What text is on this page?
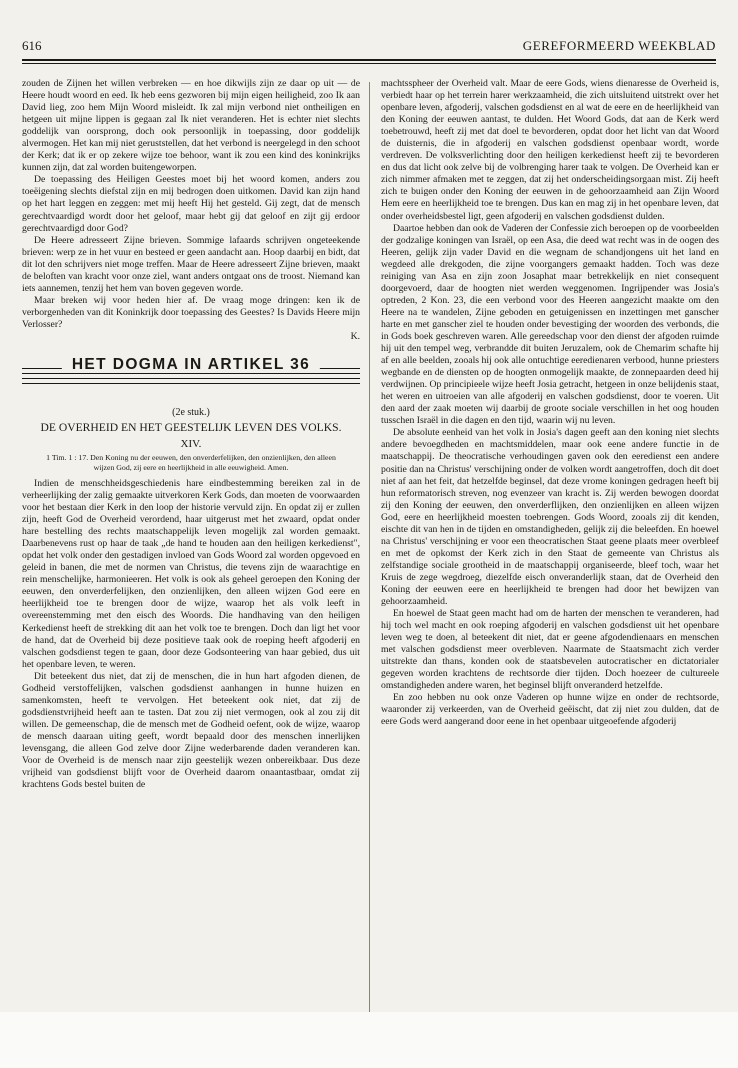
616	GEREFORMEERD WEEKBLAD

zouden de Zijnen het willen verbreken — en hoe dikwijls zijn ze daar op uit — de Heere houdt woord en eed. Ik heb eens gezworen bij mijn eigen heiligheid, zoo Ik aan David lieg, zoo hem Mijn Woord misleidt. Ik zal mijn verbond niet ontheiligen en hetgeen uit mijne lippen is gegaan zal Ik niet veranderen. Het is echter niet slechts goddelijk van oorsprong, doch ook persoonlijk in toepassing, door goddelijk alvermogen. Het kan mij niet geruststellen, dat het verbond is neergelegd in den schoot der Kerk; dat ik er op zekere wijze toe behoor, want ik zou een kind des koninkrijks kunnen zijn, dat zal worden buitengeworpen.

De toepassing des Heiligen Geestes moet bij het woord komen, anders zou toeëigening slechts diefstal zijn en mij bedrogen doen uitkomen. David kan zijn hand op het hart leggen en zeggen: met mij heeft Hij het gesteld. Gij zegt, dat de mensch gerechtvaardigd wordt door het geloof, maar hebt gij dat geloof en zijt gij erdoor gerechtvaardigd door God?

De Heere adresseert Zijne brieven. Sommige lafaards schrijven ongeteekende brieven: werp ze in het vuur en besteed er geen aandacht aan. Hoop daarbij en bidt, dat dit lot den schrijvers niet moge treffen. Maar de Heere adresseert Zijne brieven, maakt de beloften van kracht voor onze ziel, want anders ontgaat ons de troost. Niemand kan iets aannemen, tenzij het hem van boven gegeven worde.

Maar breken wij voor heden hier af. De vraag moge dringen: ken ik de verborgenheden van dit Koninkrijk door toepassing des Geestes? Is Davids Heere mijn Verlosser?

K.

HET DOGMA IN ARTIKEL 36
(2e stuk.)
DE OVERHEID EN HET GEESTELIJK LEVEN DES VOLKS.
XIV.
1 Tim. 1 : 17. Den Koning nu der eeuwen, den onverderfelijken, den onzienlijken, den alleen wijzen God, zij eere en heerlijkheid in alle eeuwigheid. Amen.

Indien de menschheidsgeschiedenis hare eindbestemming bereiken zal in de verheerlijking der zalig gemaakte uitverkoren Kerk Gods, dan moeten de voorwaarden voor het bestaan dier Kerk in den loop der historie vervuld zijn. En opdat zij er zullen zijn, heeft God de Overheid verordend, haar uitgerust met het zwaard, opdat onder hare bestelling des rechts maatschappelijk leven mogelijk zal worden gemaakt. Daarbenevens rust op haar de taak „de hand te houden aan den heiligen kerkedienst", opdat het volk onder den gestadigen invloed van Gods Woord zal worden opgevoed en geleid in banen, die met de normen van Christus, die tevens zijn de waarachtige en rein menschelijke, harmonieeren. Het volk is ook als geheel geroepen den Koning der eeuwen, den onverderfelijken, den onzienlijken, den alleen wijzen God eere en heerlijkheid toe te brengen door de wijze, waarop het als volk leeft in overeenstemming met den eisch des Woords. Die handhaving van den heiligen Kerkedienst heeft de strekking dit aan het volk toe te brengen. Doch dan ligt het voor de hand, dat de Overheid bij deze positieve taak ook de roeping heeft afgoderij en valschen godsdienst tegen te gaan, door deze Godsonteering van haar gebied, dus uit het openbare leven, te weren.

Dit beteekent dus niet, dat zij de menschen, die in hun hart afgoden dienen, de Godheid verstoffelijken, valschen godsdienst aanhangen in hunne huizen en samenkomsten, heeft te vervolgen. Het beteekent ook niet, dat zij de godsdienstvrijheid heeft aan te tasten. Dat zou zij niet vermogen, ook al zou zij dit willen. De gemeenschap, die de mensch met de Godheid oefent, ook de wijze, waarop de mensch daaraan uiting geeft, wordt bepaald door des menschen innerlijken levensgang, die alleen God zelve door Zijne wederbarende daden veranderen kan. Voor de Overheid is de mensch naar zijn geestelijk wezen onbereikbaar. Dus deze vrijheid van godsdienst blijft voor de Overheid daarom onaantastbaar, omdat zij krachtens Gods bestel buiten de

machtssphеer der Overheid valt. Maar de eere Gods, wiens dienaresse de Overheid is, verbiedt haar op het terrein harer werkzaamheid, die zich uitsluitend uitstrekt over het openbare leven, afgoderij, valschen godsdienst en al wat de eere en de heerlijkheid van den Koning der eeuwen aantast, te dulden. Het Woord Gods, dat aan de Kerk werd toebetrouwd, heeft zij met dat doel te bevorderen, opdat door het licht van dat Woord de duisternis, die in afgoderij en valschen godsdienst openbaar wordt, worde verdreven. De volksverlichting door den heiligen kerkedienst heeft zij te bevorderen en dus dat licht ook zelve bij de volbrenging harer taak te volgen. De Overheid kan er zich nimmer afmaken met te zeggen, dat zij het onderscheidingsorgaan mist. Zij heeft zich te buigen onder den Koning der eeuwen in de gehoorzaamheid aan Zijn Woord Hem eere en heerlijkheid toe te brengen. Dus kan en mag zij in het openbare leven, dat onder overheidsbestel ligt, geen afgoderij en valschen godsdienst dulden.

Daartoe hebben dan ook de Vaderen der Confessie zich beroepen op de voorbeelden der godzalige koningen van Israël, op een Asa, die deed wat recht was in de oogen des Heeren, gelijk zijn vader David en die wegnam de schandjongens uit het land en wegdeed alle drekgoden, die zijne voorgangers gemaakt hadden. Toch was deze reiniging van Asa en zijn zoon Josaphat maar betrekkelijk en niet consequent doorgevoerd, daar de hoogten niet werden weggenomen. Ingrijpender was Josia's optreden, 2 Kon. 23, die een verbond voor des Heeren aangezicht maakte om den Heere na te wandelen, Zijne geboden en getuigenissen en inzettingen met ganscher harte en met ganscher ziel te houden onder bevestiging der woorden des verbonds, die in Gods boek geschreven waren. Alle gereedschap voor den dienst der afgoden ruimde hij uit den tempel weg, verbrandde dit buiten Jeruzalem, ook de Chemarim schafte hij af en alle beelden, zooals hij ook alle ontuchtige eeredienaren verbood, hunne priesters wegbande en de diensten op de hoogten onmogelijk maakte, de zonnepaarden deed hij verdwijnen. Op principieele wijze heeft Josia getracht, hetgeen in onze belijdenis staat, het weren en uitroeien van alle afgoderij en valschen godsdienst, door te voeren. Uit den aard der zaak moeten wij daarbij de groote sociale verschillen in het oog houden tusschen Israël in die dagen en den tijd, waarin wij nu leven.

De absolute eenheid van het volk in Josia's dagen geeft aan den koning niet slechts andere bevoegdheden en machtsmiddelen, maar ook eene andere functie in de maatschappij. De theocratische verhoudingen gaven ook den eeredienst een andere positie dan na Christus' verschijning onder de volken wordt aangetroffen, doch dit doet niet af aan het feit, dat hetzelfde beginsel, dat deze vrome koningen gedragen heeft bij hun reformatorisch streven, nog evenzeer van kracht is. Zij werden bewogen doordat zij den Koning der eeuwen, den onverderflijken, den onzienlijken en alleen wijzen God, eere en heerlijkheid moesten toebrengen. Gods Woord, zooals zij dit kenden, eischte dit van hen in de tijden en omstandigheden, gelijk zij die beleefden. En hoewel na Christus' verschijning er voor een theocratischen Staat geene plaats meer overbleef en met de opkomst der Kerk zich in den Staat de gemeente van Christus als zelfstandige sociale grootheid in de maatschappij organiseerde, bleef toch, waar het Kruis de zege wegdroeg, diezelfde eisch onveranderlijk staan, dat de Overheid den Koning der eeuwen eere en heerlijkheid te brengen had door het bewijzen van gehoorzaamheid.

En hoewel de Staat geen macht had om de harten der menschen te veranderen, had hij toch wel macht en ook roeping afgoderij en valschen godsdienst uit het openbare leven weg te doen, al beteekent dit niet, dat er geene afgodendienaars en menschen met valschen godsdienst meer overbleven. Naarmate de Staatsmacht zich verder uitstrekte dan thans, konden ook de staatsbevelen autocratischer en dictatorialer gegeven worden krachtens de rechtsorde dier tijden. Doch hoezeer de cultureele omstandigheden andere waren, het beginsel blijft onveranderd hetzelfde.

En zoo hebben nu ook onze Vaderen op hunne wijze en onder de rechtsorde, waaronder zij verkeerden, van de Overheid geëischt, dat zij niet zou dulden, dat de eere Gods werd aangerand door eene in het openbaar uitgeoefende afgoderij
